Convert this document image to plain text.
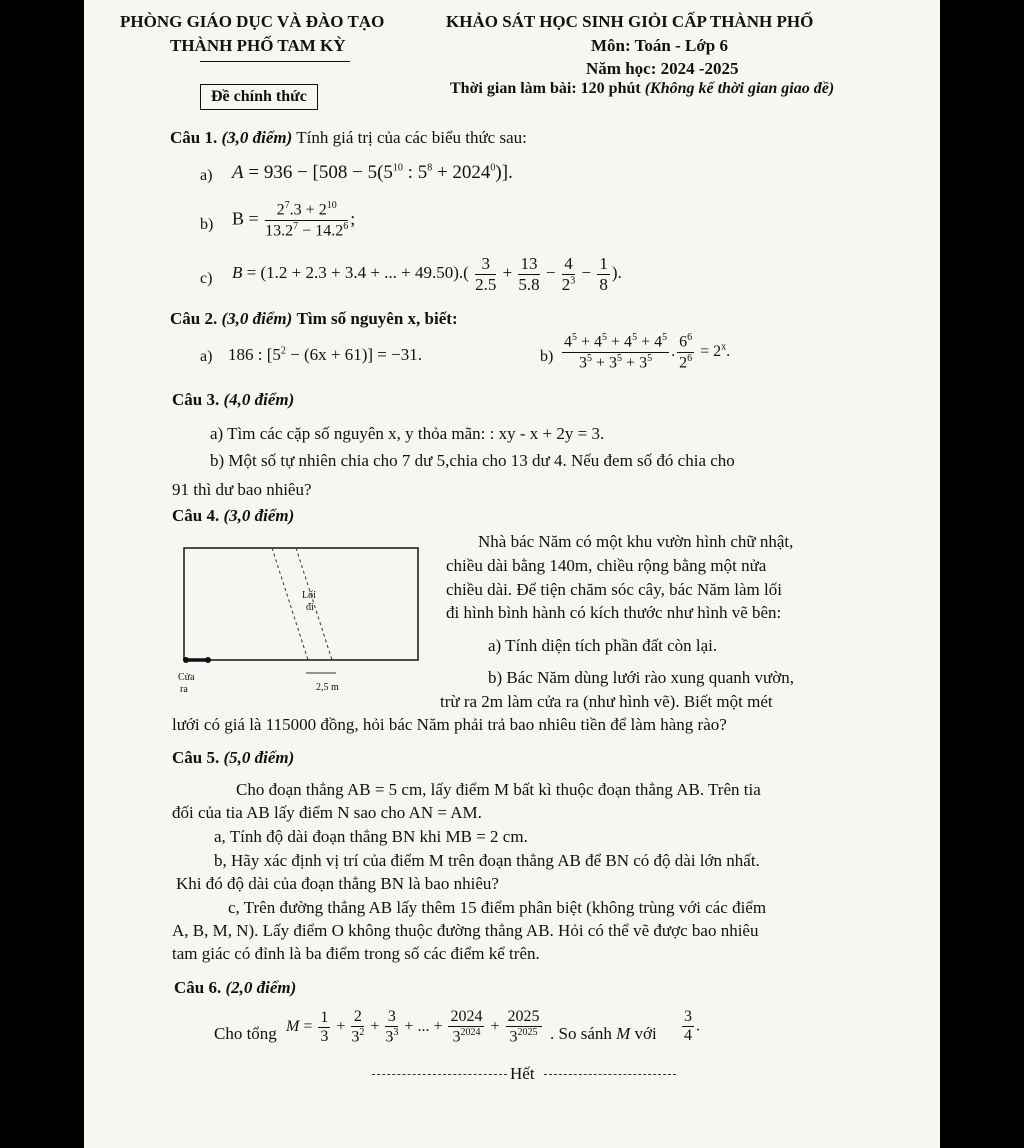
PHÒNG GIÁO DỤC VÀ ĐÀO TẠO
THÀNH PHỐ TAM KỲ
KHẢO SÁT HỌC SINH GIỎI CẤP THÀNH PHỐ
Môn: Toán - Lớp 6
Năm học: 2024 -2025
Đề chính thức	Thời gian làm bài: 120 phút (Không kể thời gian giao đề)
Câu 1. (3,0 điểm) Tính giá trị của các biểu thức sau:
a) $A = 936 - [508 - 5(5^{10}$ : $5^8 + 2024^0$)].
b) $B = \frac{2^7.3 + 2^{10}}{13.2^7 - 14.2^6}$ ;
c) B = (1.2 + 2.3 + 3.4 + ... + $49.50).( \frac{3}{2.5} + \frac{13}{5.8} - \frac{4}{2^3} - \frac{1}{8}$ ).
Câu 2. (3,0 điểm) Tìm số nguyên x, biết:
a) 186 : $[5^2 - (6x + 61)] = -31$.	$b) \frac{4^5 + 4^5 + 4^5 + 4^5}{3^5 + 3^5 + 3^5}$ . $\frac{6^6}{2^6} = 2^x$.
Câu 3. (4,0 điểm)
a) Tìm các cặp số nguyên x, y thỏa mãn: : xy - x + 2y = 3.
b) Một số tự nhiên chia cho 7 dư 5,chia cho 13 dư 4. Nếu đem số đó chia cho
91 thì dư bao nhiêu?
Câu 4. (3,0 điểm)
Lối
đi
Cửa
ra	2,5 m
Nhà bác Năm có một khu vườn hình chữ nhật,
chiều dài bằng 140m, chiều rộng bằng một nửa
chiều dài. Để tiện chăm sóc cây, bác Năm làm lối
đi hình bình hành có kích thước như hình vẽ bên:
a) Tính diện tích phần đất còn lại.
b) Bác Năm dùng lưới rào xung quanh vườn,
trừ ra 2m làm cửa ra (như hình vẽ). Biết một mét
lưới có giá là 115000 đồng, hỏi bác Năm phải trả bao nhiêu tiền để làm hàng rào?
Câu 5. (5,0 điểm)
Cho đoạn thẳng AB = 5 cm, lấy điểm M bất kì thuộc đoạn thẳng AB. Trên tia
đối của tia AB lấy điểm N sao cho AN = AM.
a, Tính độ dài đoạn thẳng BN khi MB = 2 cm.
b, Hãy xác định vị trí của điểm M trên đoạn thẳng AB để BN có độ dài lớn nhất.
Khi đó độ dài của đoạn thẳng BN là bao nhiêu?
c, Trên đường thẳng AB lấy thêm 15 điểm phân biệt (không trùng với các điểm
A, B, M, N). Lấy điểm O không thuộc đường thẳng AB. Hỏi có thể vẽ được bao nhiêu
tam giác có đỉnh là ba điểm trong số các điểm kể trên.
Câu 6. (2,0 điểm)
Cho tổng $M = \frac{1}{3} + \frac{2}{3^2} + \frac{3}{3^3}$ + ... + $\frac{2024}{3^{2024}} + \frac{2025}{3^{2025}}$ . So sánh M với $\frac{3}{4}$ .
Hết
